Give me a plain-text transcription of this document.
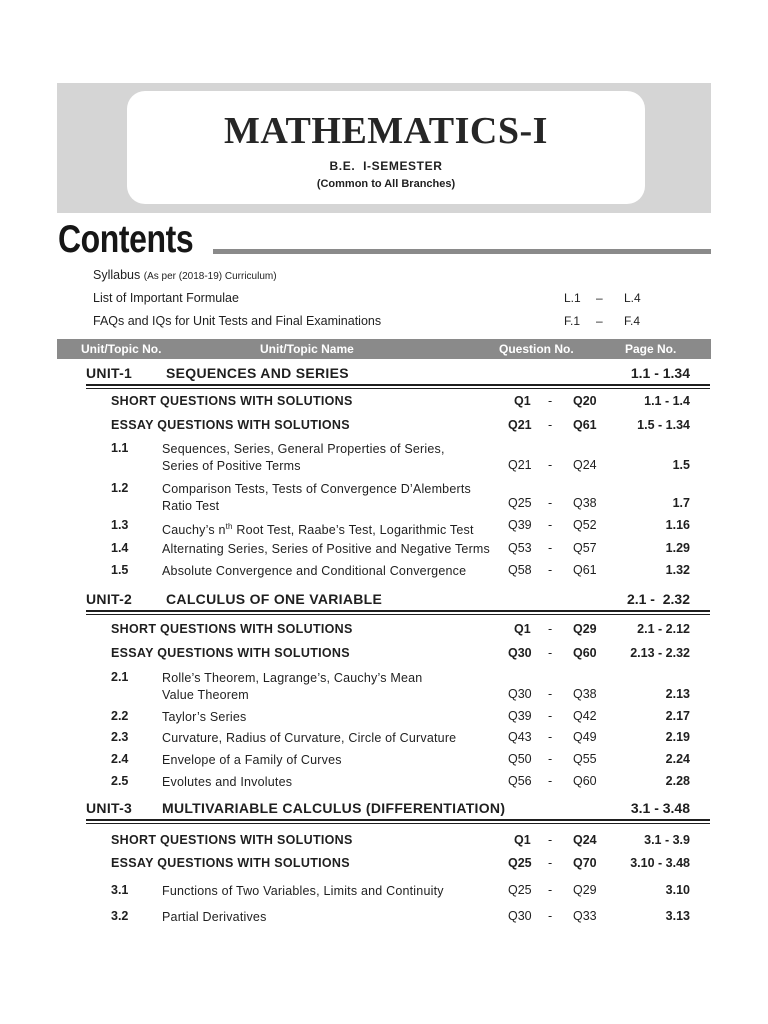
MATHEMATICS-I
B.E.  I-SEMESTER
(Common to All Branches)
Contents
Syllabus (As per (2018-19) Curriculum)
List of Important Formulae	L.1 – L.4
FAQs and IQs for Unit Tests and Final Examinations	F.1 – F.4
Unit/Topic No.	Unit/Topic Name	Question No.	Page No.
UNIT-1 SEQUENCES AND SERIES	1.1 - 1.34
SHORT QUESTIONS WITH SOLUTIONS	Q1 - Q20	1.1 - 1.4
ESSAY QUESTIONS WITH SOLUTIONS	Q21 - Q61	1.5 - 1.34
1.1	Sequences, Series, General Properties of Series,
Series of Positive Terms	Q21 - Q24	1.5
1.2	Comparison Tests, Tests of Convergence D’Alemberts
Ratio Test	Q25 - Q38	1.7
1.3	Cauchy’s $n^{th}$ Root Test, Raabe’s Test, Logarithmic Test	Q39 - Q52	1.16
1.4	Alternating Series, Series of Positive and Negative Terms Q53 - Q57	1.29
1.5	Absolute Convergence and Conditional Convergence	Q58 - Q61	1.32
UNIT-2 CALCULUS OF ONE VARIABLE	2.1 -  2.32
SHORT QUESTIONS WITH SOLUTIONS	Q1 - Q29	2.1 - 2.12
ESSAY QUESTIONS WITH SOLUTIONS	Q30 - Q60	2.13 - 2.32
2.1	Rolle’s Theorem, Lagrange’s, Cauchy’s Mean
Value Theorem	Q30 - Q38	2.13
2.2	Taylor’s Series	Q39 - Q42	2.17
2.3	Curvature, Radius of Curvature, Circle of Curvature	Q43 - Q49	2.19
2.4	Envelope of a Family of Curves	Q50 - Q55	2.24
2.5	Evolutes and Involutes	Q56 - Q60	2.28
UNIT-3 MULTIVARIABLE CALCULUS (DIFFERENTIATION)	3.1 - 3.48
SHORT QUESTIONS WITH SOLUTIONS	Q1 - Q24	3.1 - 3.9
ESSAY QUESTIONS WITH SOLUTIONS	Q25 - Q70	3.10 - 3.48
3.1	Functions of Two Variables, Limits and Continuity	Q25 - Q29	3.10
3.2	Partial Derivatives	Q30 - Q33	3.13
